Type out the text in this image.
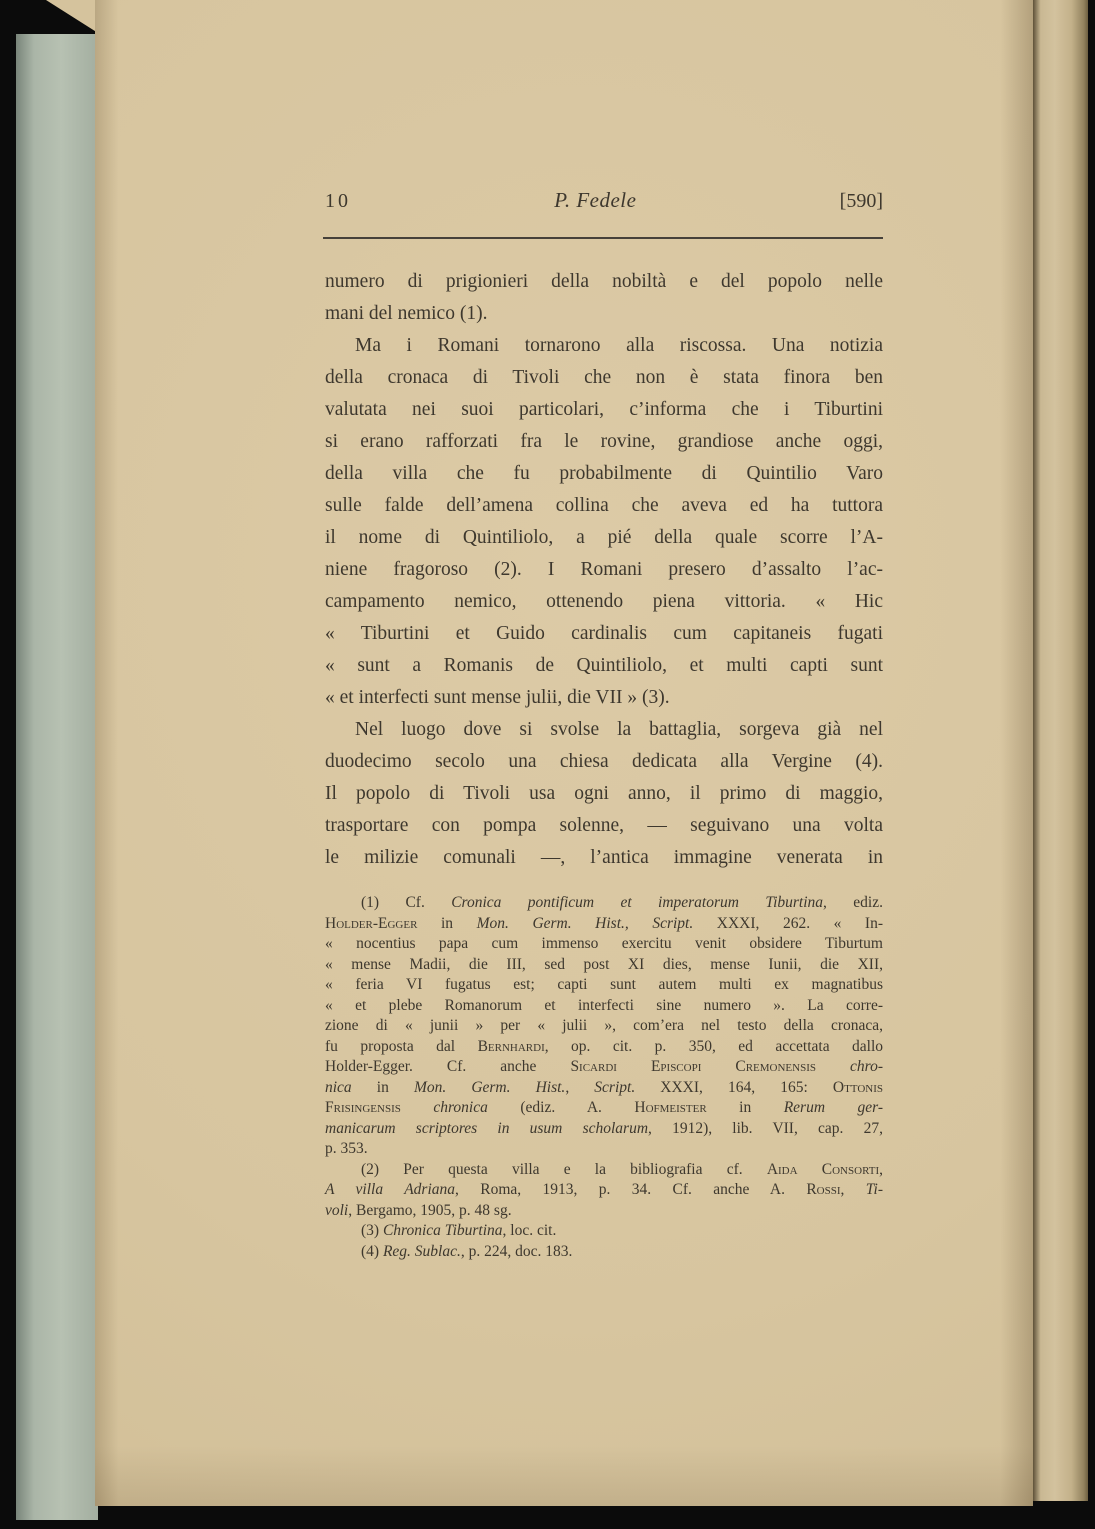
10	P. Fedele	[590]

numero di prigionieri della nobiltà e del popolo nelle
mani del nemico (1).

Ma i Romani tornarono alla riscossa. Una notizia
della cronaca di Tivoli che non è stata finora ben
valutata nei suoi particolari, c’informa che i Tiburtini
si erano rafforzati fra le rovine, grandiose anche oggi,
della villa che fu probabilmente di Quintilio Varo
sulle falde dell’amena collina che aveva ed ha tuttora
il nome di Quintiliolo, a pié della quale scorre l’A-
niene fragoroso (2). I Romani presero d’assalto l’ac-
campamento nemico, ottenendo piena vittoria. « Hic
« Tiburtini et Guido cardinalis cum capitaneis fugati
« sunt a Romanis de Quintiliolo, et multi capti sunt
« et interfecti sunt mense julii, die VII » (3).

Nel luogo dove si svolse la battaglia, sorgeva già nel
duodecimo secolo una chiesa dedicata alla Vergine (4).
Il popolo di Tivoli usa ogni anno, il primo di maggio,
trasportare con pompa solenne, — seguivano una volta
le milizie comunali —, l’antica immagine venerata in

(1) Cf. Cronica pontificum et imperatorum Tiburtina, ediz.
Holder-Egger in Mon. Germ. Hist., Script. XXXI, 262. « In-
« nocentius papa cum immenso exercitu venit obsidere Tiburtum
« mense Madii, die III, sed post XI dies, mense Iunii, die XII,
« feria VI fugatus est; capti sunt autem multi ex magnatibus
« et plebe Romanorum et interfecti sine numero ». La corre-
zione di « junii » per « julii », com’era nel testo della cronaca,
fu proposta dal Bernhardi, op. cit. p. 350, ed accettata dallo
Holder-Egger. Cf. anche Sicardi Episcopi Cremonensis chro-
nica in Mon. Germ. Hist., Script. XXXI, 164, 165: Ottonis
Frisingensis chronica (ediz. A. Hofmeister in Rerum ger-
manicarum scriptores in usum scholarum, 1912), lib. VII, cap. 27,
p. 353.

(2) Per questa villa e la bibliografia cf. Aida Consorti,
A villa Adriana, Roma, 1913, p. 34. Cf. anche A. Rossi, Ti-
voli, Bergamo, 1905, p. 48 sg.

(3) Chronica Tiburtina, loc. cit.

(4) Reg. Sublac., p. 224, doc. 183.
